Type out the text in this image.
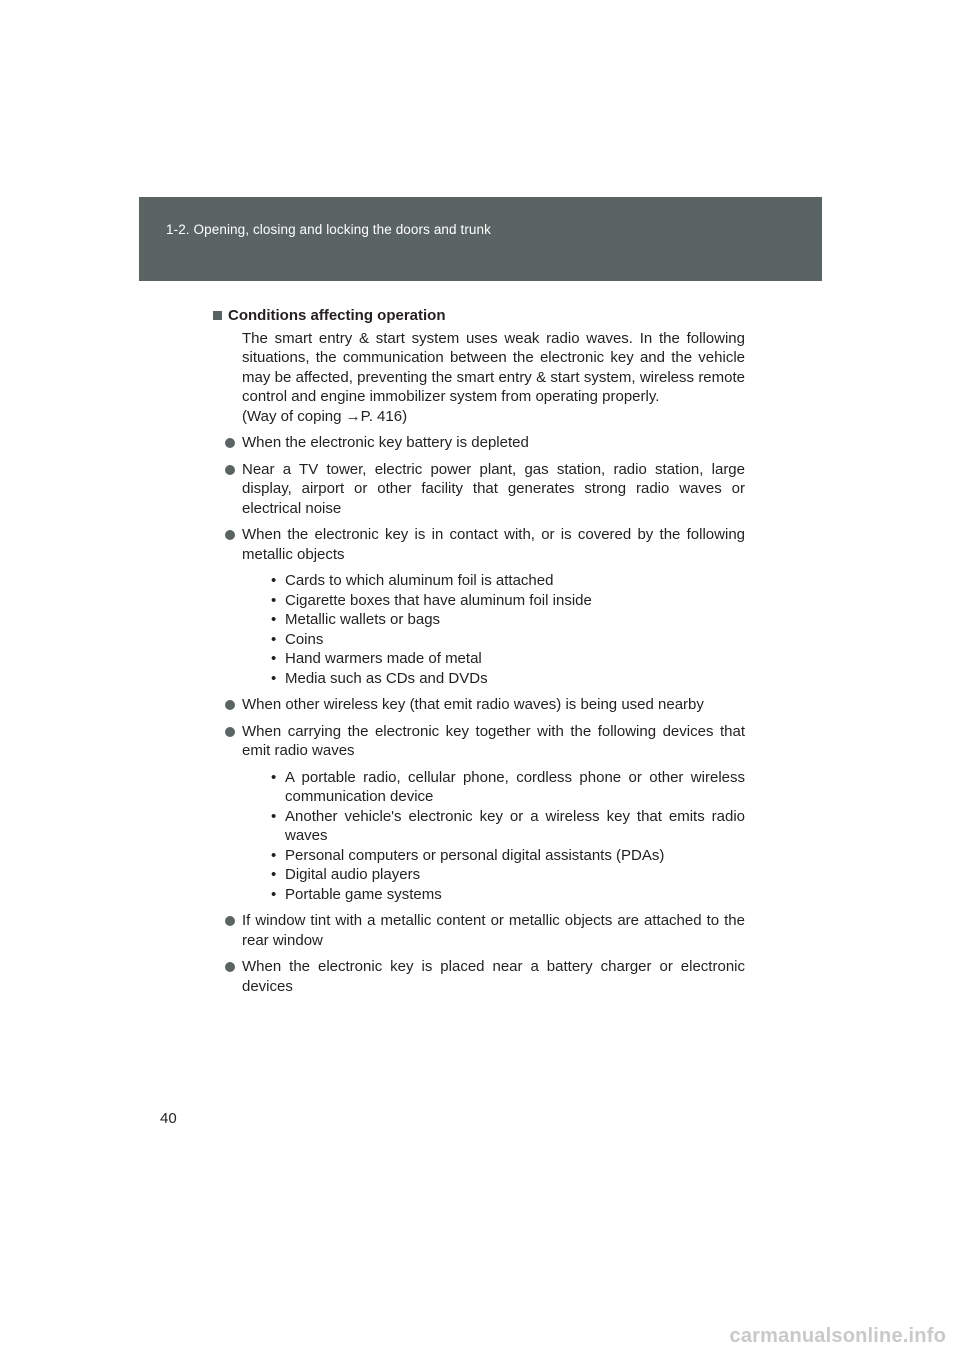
1-2. Opening, closing and locking the doors and trunk
Conditions affecting operation
The smart entry & start system uses weak radio waves. In the following situations, the communication between the electronic key and the vehicle may be affected, preventing the smart entry & start system, wireless remote control and engine immobilizer system from operating properly.
(Way of coping →P. 416)
When the electronic key battery is depleted
Near a TV tower, electric power plant, gas station, radio station, large display, airport or other facility that generates strong radio waves or electrical noise
When the electronic key is in contact with, or is covered by the following metallic objects
• Cards to which aluminum foil is attached
• Cigarette boxes that have aluminum foil inside
• Metallic wallets or bags
• Coins
• Hand warmers made of metal
• Media such as CDs and DVDs
When other wireless key (that emit radio waves) is being used nearby
When carrying the electronic key together with the following devices that emit radio waves
• A portable radio, cellular phone, cordless phone or other wireless communication device
• Another vehicle's electronic key or a wireless key that emits radio waves
• Personal computers or personal digital assistants (PDAs)
• Digital audio players
• Portable game systems
If window tint with a metallic content or metallic objects are attached to the rear window
When the electronic key is placed near a battery charger or electronic devices
40
carmanualsonline.info
